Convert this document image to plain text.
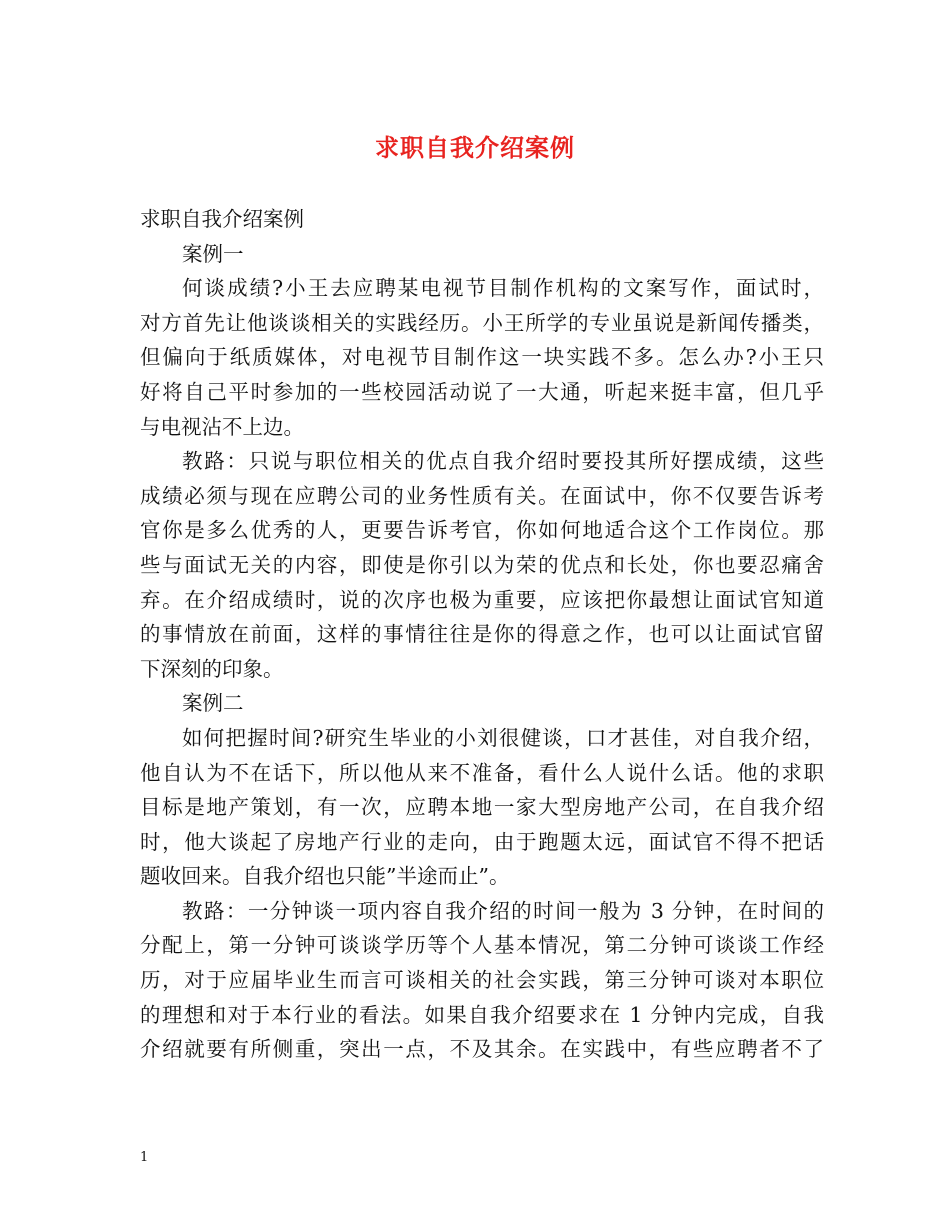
求职自我介绍案例
求职自我介绍案例
案例一
何谈成绩?小王去应聘某电视节目制作机构的文案写作，面试时，
对方首先让他谈谈相关的实践经历。小王所学的专业虽说是新闻传播类，
但偏向于纸质媒体，对电视节目制作这一块实践不多。怎么办?小王只
好将自己平时参加的一些校园活动说了一大通，听起来挺丰富，但几乎
与电视沾不上边。
教路：只说与职位相关的优点自我介绍时要投其所好摆成绩，这些
成绩必须与现在应聘公司的业务性质有关。在面试中，你不仅要告诉考
官你是多么优秀的人，更要告诉考官，你如何地适合这个工作岗位。那
些与面试无关的内容，即使是你引以为荣的优点和长处，你也要忍痛舍
弃。在介绍成绩时，说的次序也极为重要，应该把你最想让面试官知道
的事情放在前面，这样的事情往往是你的得意之作，也可以让面试官留
下深刻的印象。
案例二
如何把握时间?研究生毕业的小刘很健谈，口才甚佳，对自我介绍，
他自认为不在话下，所以他从来不准备，看什么人说什么话。他的求职
目标是地产策划，有一次，应聘本地一家大型房地产公司，在自我介绍
时，他大谈起了房地产行业的走向，由于跑题太远，面试官不得不把话
题收回来。自我介绍也只能”半途而止”。
教路：一分钟谈一项内容自我介绍的时间一般为 3 分钟，在时间的
分配上，第一分钟可谈谈学历等个人基本情况，第二分钟可谈谈工作经
历，对于应届毕业生而言可谈相关的社会实践，第三分钟可谈对本职位
的理想和对于本行业的看法。如果自我介绍要求在 1 分钟内完成，自我
介绍就要有所侧重，突出一点，不及其余。在实践中，有些应聘者不了
1
